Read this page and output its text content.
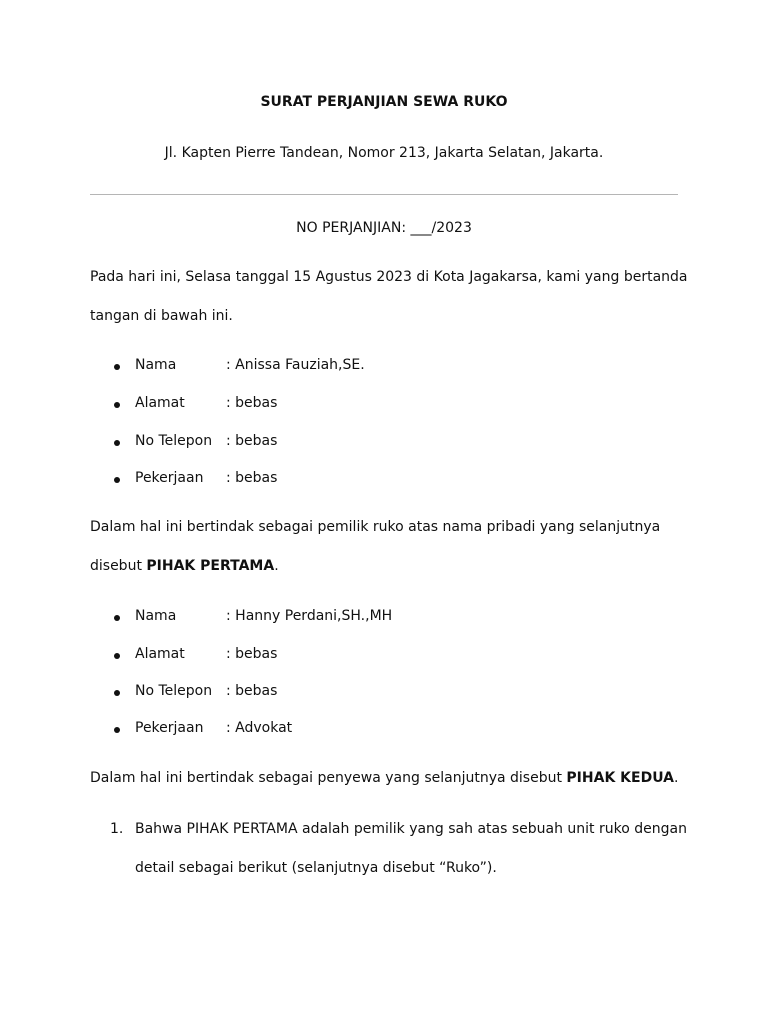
SURAT PERJANJIAN SEWA RUKO
Jl. Kapten Pierre Tandean, Nomor 213, Jakarta Selatan, Jakarta.
NO PERJANJIAN: ___/2023
Pada hari ini, Selasa tanggal 15 Agustus 2023 di Kota Jagakarsa, kami yang bertanda
tangan di bawah ini.
Nama	: Anissa Fauziah,SE.
Alamat	: bebas
No Telepon : bebas
Pekerjaan : bebas
Dalam hal ini bertindak sebagai pemilik ruko atas nama pribadi yang selanjutnya
disebut PIHAK PERTAMA.
Nama	: Hanny Perdani,SH.,MH
Alamat	: bebas
No Telepon : bebas
Pekerjaan : Advokat
Dalam hal ini bertindak sebagai penyewa yang selanjutnya disebut PIHAK KEDUA.
1. Bahwa PIHAK PERTAMA adalah pemilik yang sah atas sebuah unit ruko dengan
detail sebagai berikut (selanjutnya disebut “Ruko”).
